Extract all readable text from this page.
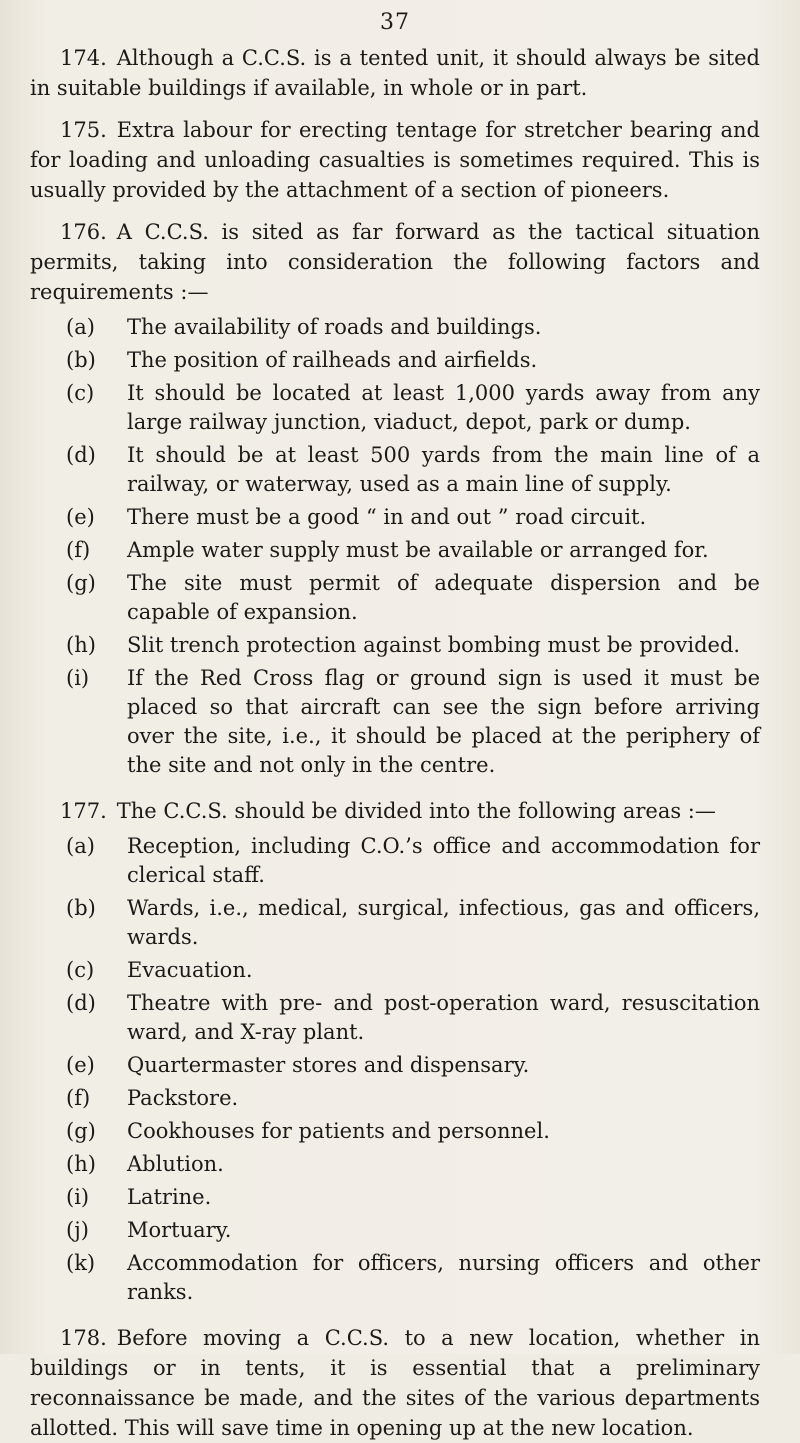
37

174. Although a C.C.S. is a tented unit, it should always be sited in suitable buildings if available, in whole or in part.

175. Extra labour for erecting tentage for stretcher bearing and for loading and unloading casualties is sometimes required. This is usually provided by the attachment of a section of pioneers.

176. A C.C.S. is sited as far forward as the tactical situation permits, taking into consideration the following factors and requirements :—

(a)	The availability of roads and buildings.
(b)	The position of railheads and airfields.
(c)	It should be located at least 1,000 yards away from any large railway junction, viaduct, depot, park or dump.
(d)	It should be at least 500 yards from the main line of a railway, or waterway, used as a main line of supply.
(e)	There must be a good “ in and out ” road circuit.
(f)	Ample water supply must be available or arranged for.
(g)	The site must permit of adequate dispersion and be capable of expansion.
(h)	Slit trench protection against bombing must be provided.
(i)	If the Red Cross flag or ground sign is used it must be placed so that aircraft can see the sign before arriving over the site, i.e., it should be placed at the periphery of the site and not only in the centre.

177. The C.C.S. should be divided into the following areas :—

(a)	Reception, including C.O.’s office and accommodation for clerical staff.
(b)	Wards, i.e., medical, surgical, infectious, gas and officers, wards.
(c)	Evacuation.
(d)	Theatre with pre- and post-operation ward, resuscitation ward, and X-ray plant.
(e)	Quartermaster stores and dispensary.
(f)	Packstore.
(g)	Cookhouses for patients and personnel.
(h)	Ablution.
(i)	Latrine.
(j)	Mortuary.
(k)	Accommodation for officers, nursing officers and other ranks.

178. Before moving a C.C.S. to a new location, whether in buildings or in tents, it is essential that a preliminary reconnaissance be made, and the sites of the various departments allotted. This will save time in opening up at the new location.
